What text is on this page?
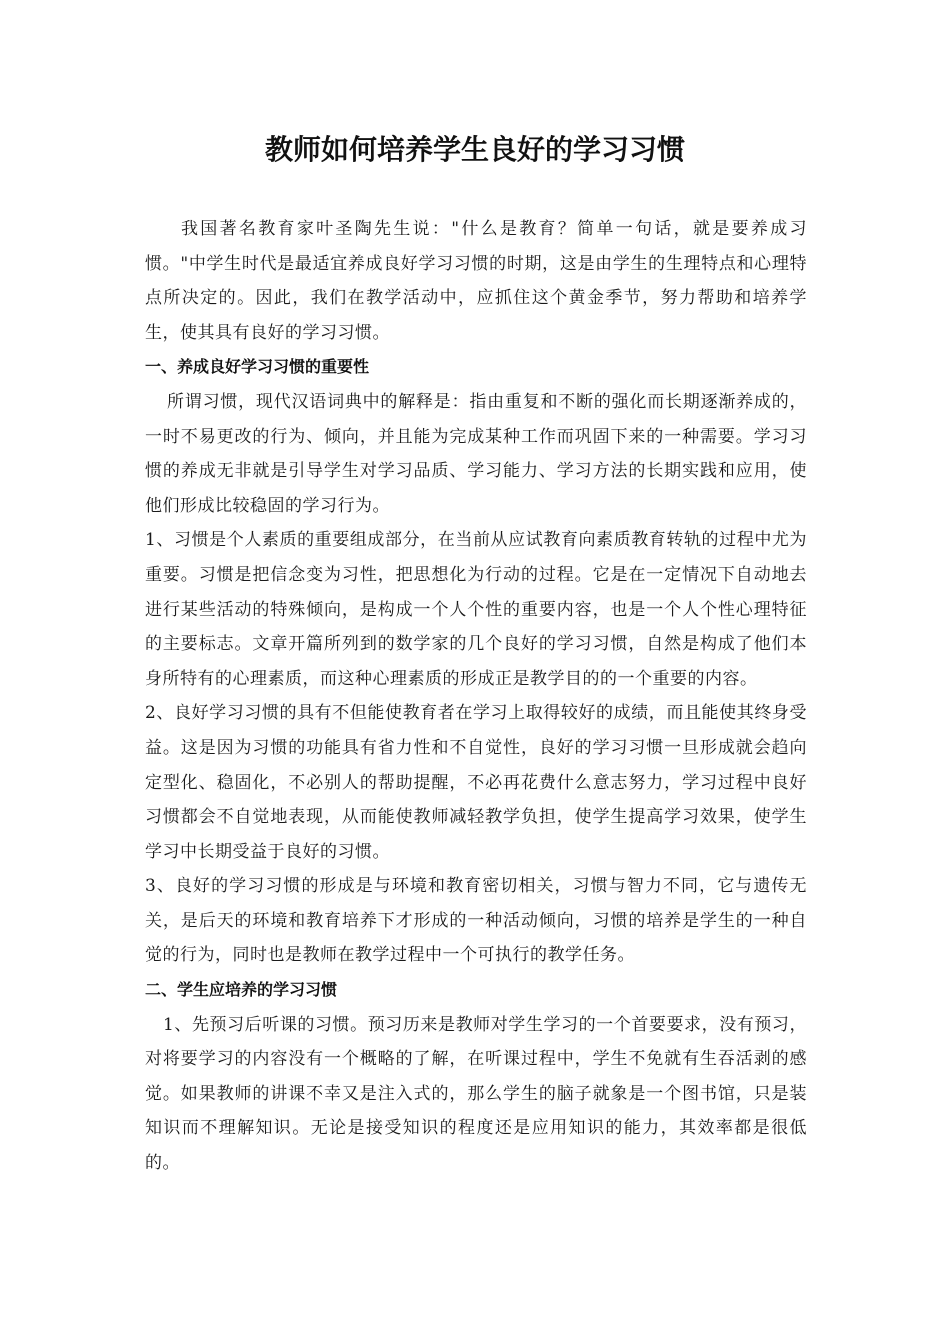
教师如何培养学生良好的学习习惯

我国著名教育家叶圣陶先生说："什么是教育？简单一句话，就是要养成习惯。"中学生时代是最适宜养成良好学习习惯的时期，这是由学生的生理特点和心理特点所决定的。因此，我们在教学活动中，应抓住这个黄金季节，努力帮助和培养学生，使其具有良好的学习习惯。

一、养成良好学习习惯的重要性

所谓习惯，现代汉语词典中的解释是：指由重复和不断的强化而长期逐渐养成的，一时不易更改的行为、倾向，并且能为完成某种工作而巩固下来的一种需要。学习习惯的养成无非就是引导学生对学习品质、学习能力、学习方法的长期实践和应用，使他们形成比较稳固的学习行为。

1、习惯是个人素质的重要组成部分，在当前从应试教育向素质教育转轨的过程中尤为重要。习惯是把信念变为习性，把思想化为行动的过程。它是在一定情况下自动地去进行某些活动的特殊倾向，是构成一个人个性的重要内容，也是一个人个性心理特征的主要标志。文章开篇所列到的数学家的几个良好的学习习惯，自然是构成了他们本身所特有的心理素质，而这种心理素质的形成正是教学目的的一个重要的内容。

2、良好学习习惯的具有不但能使教育者在学习上取得较好的成绩，而且能使其终身受益。这是因为习惯的功能具有省力性和不自觉性，良好的学习习惯一旦形成就会趋向定型化、稳固化，不必别人的帮助提醒，不必再花费什么意志努力，学习过程中良好习惯都会不自觉地表现，从而能使教师减轻教学负担，使学生提高学习效果，使学生学习中长期受益于良好的习惯。

3、良好的学习习惯的形成是与环境和教育密切相关，习惯与智力不同，它与遗传无关，是后天的环境和教育培养下才形成的一种活动倾向，习惯的培养是学生的一种自觉的行为，同时也是教师在教学过程中一个可执行的教学任务。

二、学生应培养的学习习惯

1、先预习后听课的习惯。预习历来是教师对学生学习的一个首要要求，没有预习，对将要学习的内容没有一个概略的了解，在听课过程中，学生不免就有生吞活剥的感觉。如果教师的讲课不幸又是注入式的，那么学生的脑子就象是一个图书馆，只是装知识而不理解知识。无论是接受知识的程度还是应用知识的能力，其效率都是很低的。
